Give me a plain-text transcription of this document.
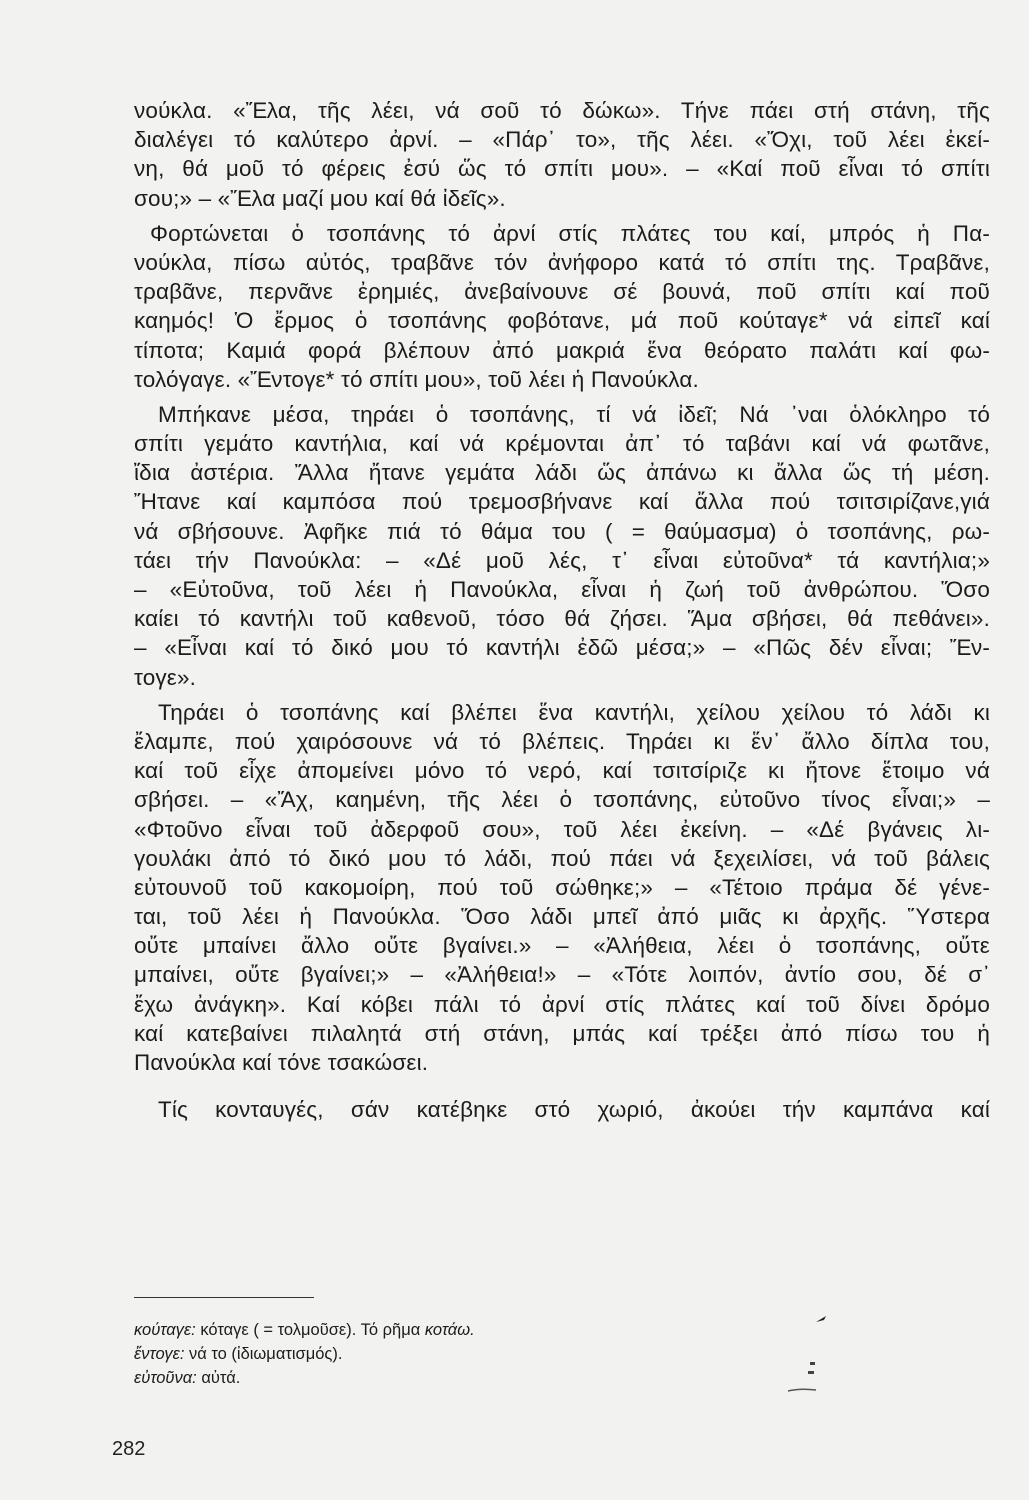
νούκλα. «Ἔλα, τῆς λέει, νά σοῦ τό δώκω». Τήνε πάει στή στάνη, τῆς
διαλέγει τό καλύτερο ἀρνί. – «Πάρ᾽ το», τῆς λέει. «Ὄχι, τοῦ λέει ἐκεί-
νη, θά μοῦ τό φέρεις ἐσύ ὥς τό σπίτι μου». – «Καί ποῦ εἶναι τό σπίτι
σου;» – «Ἔλα μαζί μου καί θά ἰδεῖς».
Φορτώνεται ὁ τσοπάνης τό ἀρνί στίς πλάτες του καί, μπρός ἡ Πα-
νούκλα, πίσω αὐτός, τραβᾶνε τόν ἀνήφορο κατά τό σπίτι της. Τραβᾶνε,
τραβᾶνε, περνᾶνε ἐρημιές, ἀνεβαίνουνε σέ βουνά, ποῦ σπίτι καί ποῦ
καημός! Ὁ ἔρμος ὁ τσοπάνης φοβότανε, μά ποῦ κούταγε* νά εἰπεῖ καί
τίποτα; Καμιά φορά βλέπουν ἀπό μακριά ἕνα θεόρατο παλάτι καί φω-
τολόγαγε. «Ἔντογε* τό σπίτι μου», τοῦ λέει ἡ Πανούκλα.
Μπήκανε μέσα, τηράει ὁ τσοπάνης, τί νά ἰδεῖ; Νά ᾽ναι ὁλόκληρο τό
σπίτι γεμάτο καντήλια, καί νά κρέμονται ἀπ᾽ τό ταβάνι καί νά φωτᾶνε,
ἴδια ἀστέρια. Ἄλλα ἤτανε γεμάτα λάδι ὥς ἀπάνω κι ἄλλα ὥς τή μέση.
Ἤτανε καί καμπόσα πού τρεμοσβήνανε καί ἄλλα πού τσιτσιρίζανε,γιά
νά σβήσουνε. Ἀφῆκε πιά τό θάμα του ( = θαύμασμα) ὁ τσοπάνης, ρω-
τάει τήν Πανούκλα: – «Δέ μοῦ λές, τ᾽ εἶναι εὐτοῦνα* τά καντήλια;»
– «Εὐτοῦνα, τοῦ λέει ἡ Πανούκλα, εἶναι ἡ ζωή τοῦ ἀνθρώπου. Ὅσο
καίει τό καντήλι τοῦ καθενοῦ, τόσο θά ζήσει. Ἅμα σβήσει, θά πεθάνει».
– «Εἶναι καί τό δικό μου τό καντήλι ἐδῶ μέσα;» – «Πῶς δέν εἶναι; Ἔν-
τογε».
Τηράει ὁ τσοπάνης καί βλέπει ἕνα καντήλι, χείλου χείλου τό λάδι κι
ἔλαμπε, πού χαιρόσουνε νά τό βλέπεις. Τηράει κι ἕν᾽ ἄλλο δίπλα του,
καί τοῦ εἶχε ἀπομείνει μόνο τό νερό, καί τσιτσίριζε κι ἤτονε ἕτοιμο νά
σβήσει. – «Ἄχ, καημένη, τῆς λέει ὁ τσοπάνης, εὐτοῦνο τίνος εἶναι;» –
«Φτοῦνο εἶναι τοῦ ἀδερφοῦ σου», τοῦ λέει ἐκείνη. – «Δέ βγάνεις λι-
γουλάκι ἀπό τό δικό μου τό λάδι, πού πάει νά ξεχειλίσει, νά τοῦ βάλεις
εὐτουνοῦ τοῦ κακομοίρη, πού τοῦ σώθηκε;» – «Τέτοιο πράμα δέ γένε-
ται, τοῦ λέει ἡ Πανούκλα. Ὅσο λάδι μπεῖ ἀπό μιᾶς κι ἀρχῆς. Ὕστερα
οὔτε μπαίνει ἄλλο οὔτε βγαίνει.» – «Ἀλήθεια, λέει ὁ τσοπάνης, οὔτε
μπαίνει, οὔτε βγαίνει;» – «Ἀλήθεια!» – «Τότε λοιπόν, ἀντίο σου, δέ σ᾽
ἔχω ἀνάγκη». Καί κόβει πάλι τό ἀρνί στίς πλάτες καί τοῦ δίνει δρόμο
καί κατεβαίνει πιλαλητά στή στάνη, μπάς καί τρέξει ἀπό πίσω του ἡ
Πανούκλα καί τόνε τσακώσει.
Τίς κονταυγές, σάν κατέβηκε στό χωριό, ἀκούει τήν καμπάνα καί
κούταγε: κόταγε ( = τολμοῦσε). Τό ρῆμα κοτάω.
ἔντογε: νά το (ἰδιωματισμός).
εὐτοῦνα: αὐτά.
282
